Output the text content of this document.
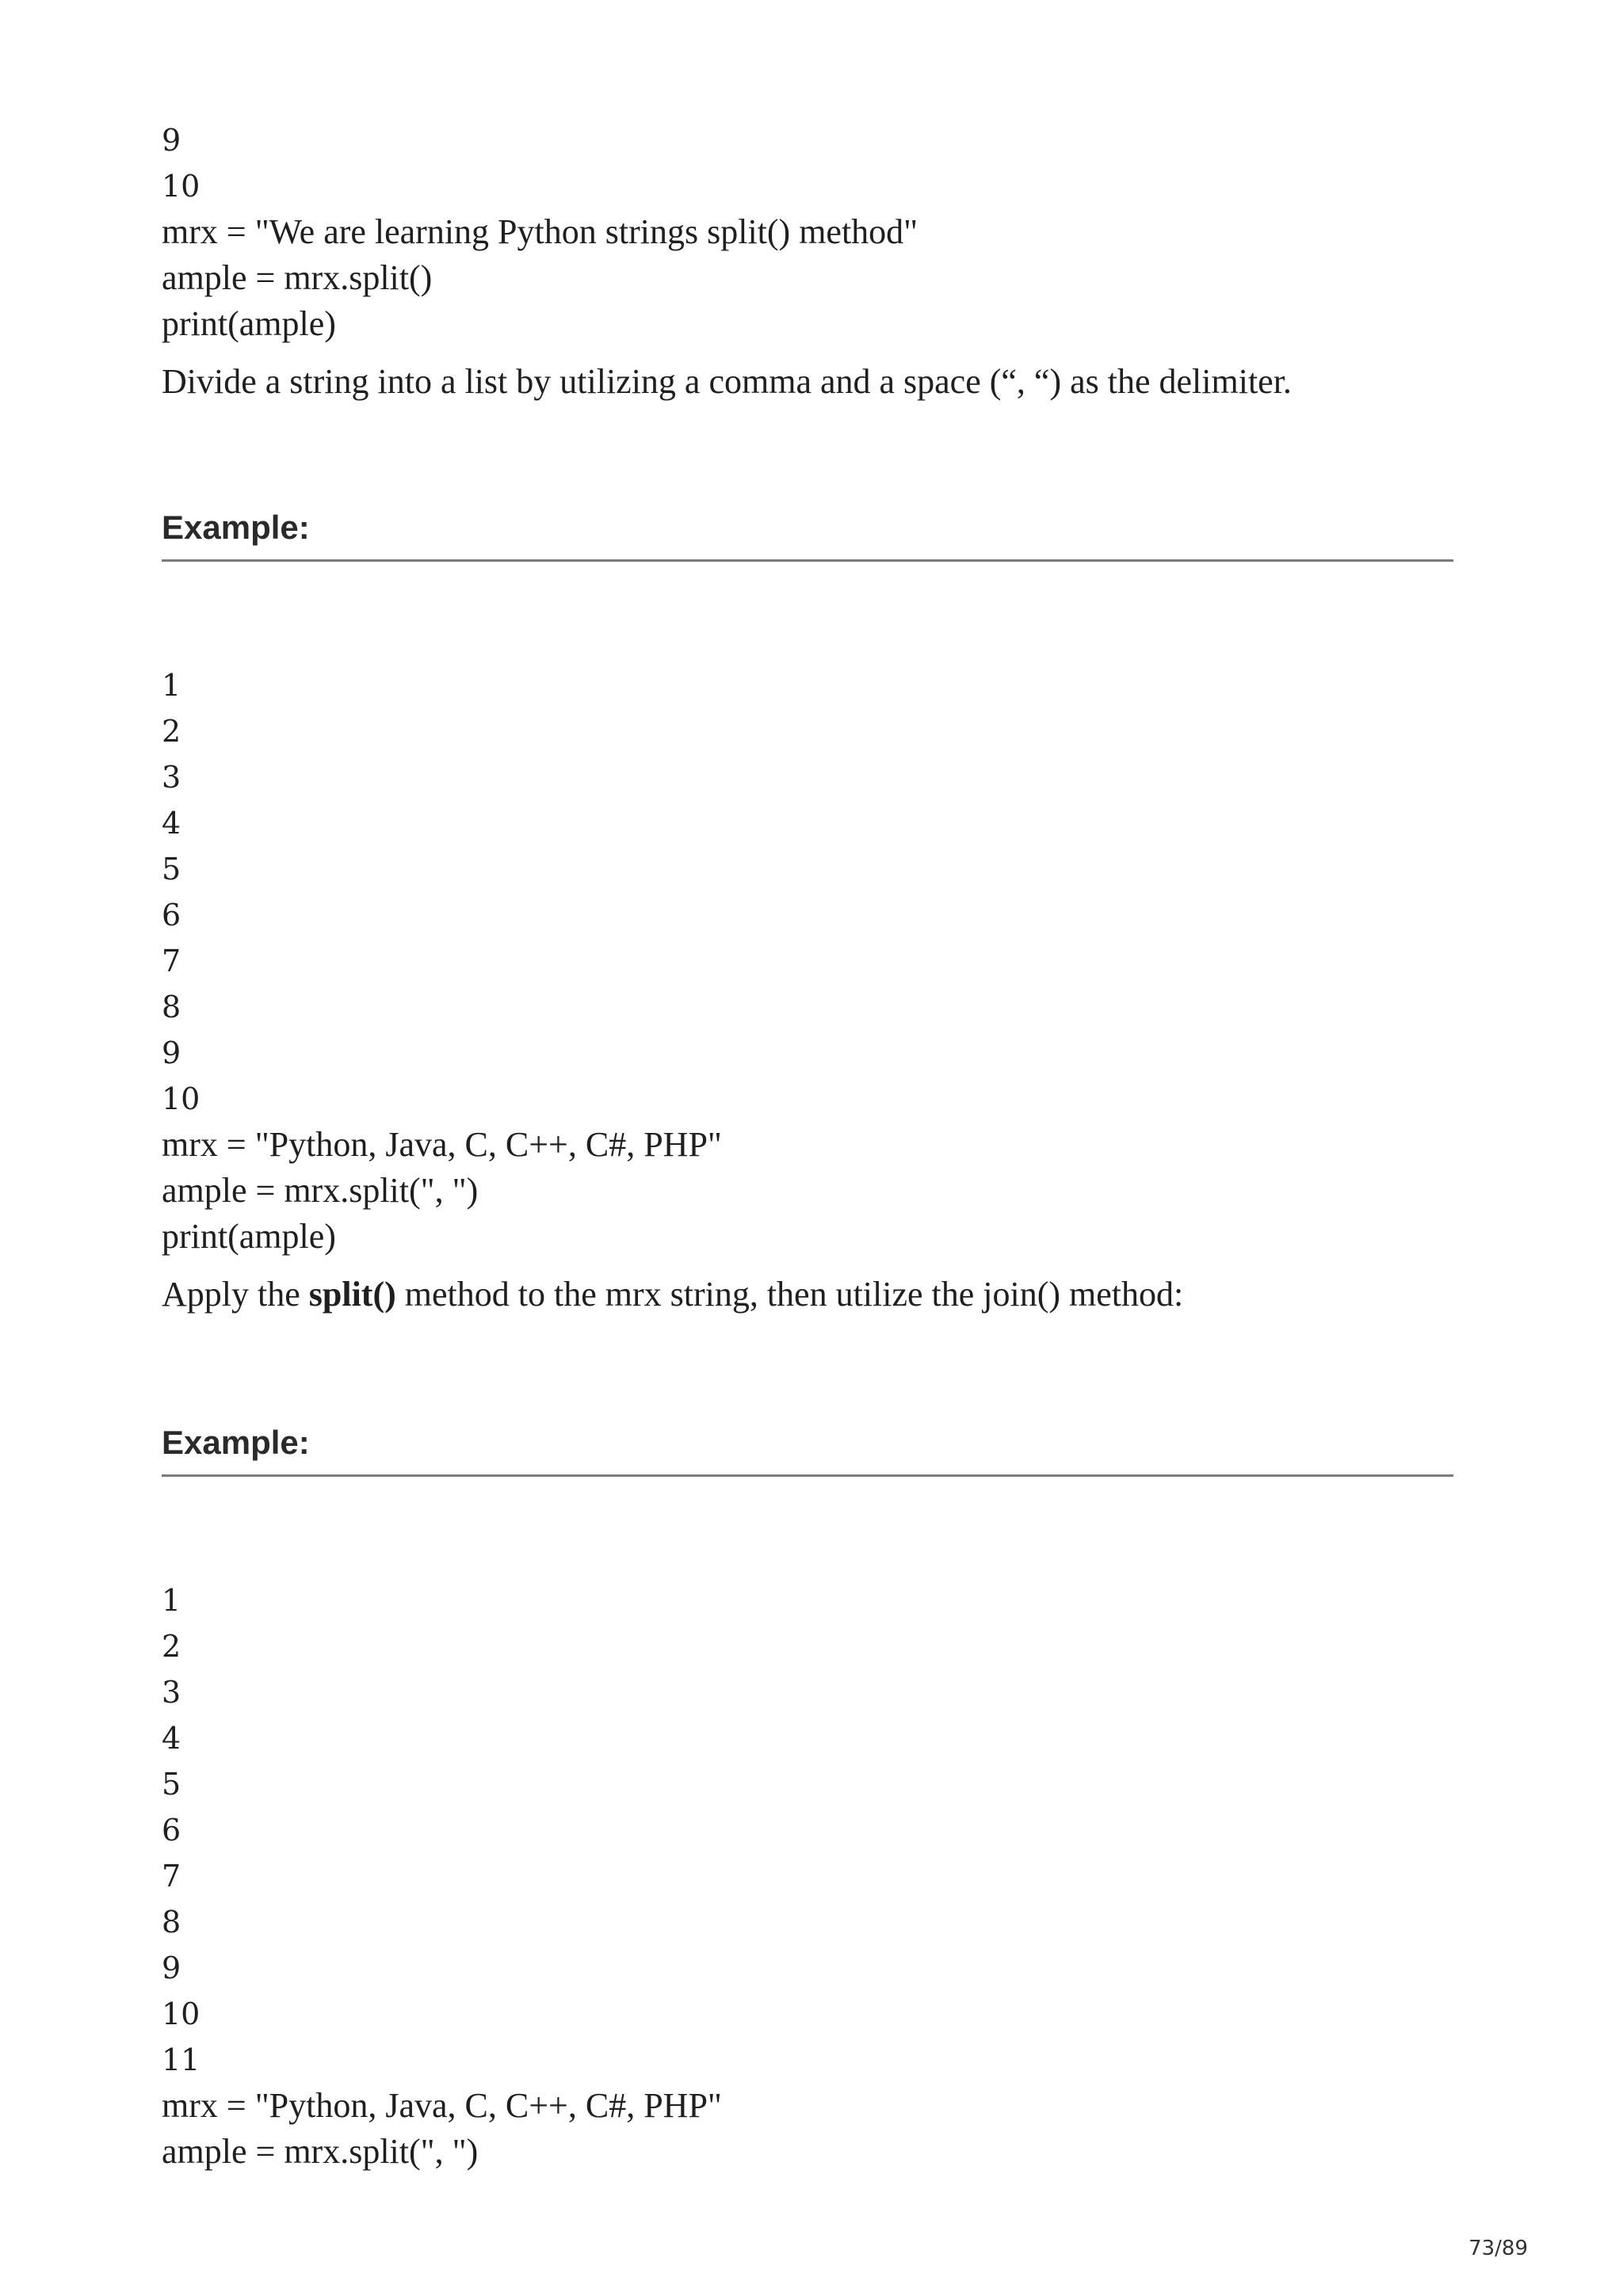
9
10
mrx = "We are learning Python strings split() method"
ample = mrx.split()
print(ample)

Divide a string into a list by utilizing a comma and a space (“, “) as the delimiter.

Example:
1
2
3
4
5
6
7
8
9
10
mrx = "Python, Java, C, C++, C#, PHP"
ample = mrx.split(", ")
print(ample)

Apply the split() method to the mrx string, then utilize the join() method:

Example:
1
2
3
4
5
6
7
8
9
10
11
mrx = "Python, Java, C, C++, C#, PHP"
ample = mrx.split(", ")
73/89
